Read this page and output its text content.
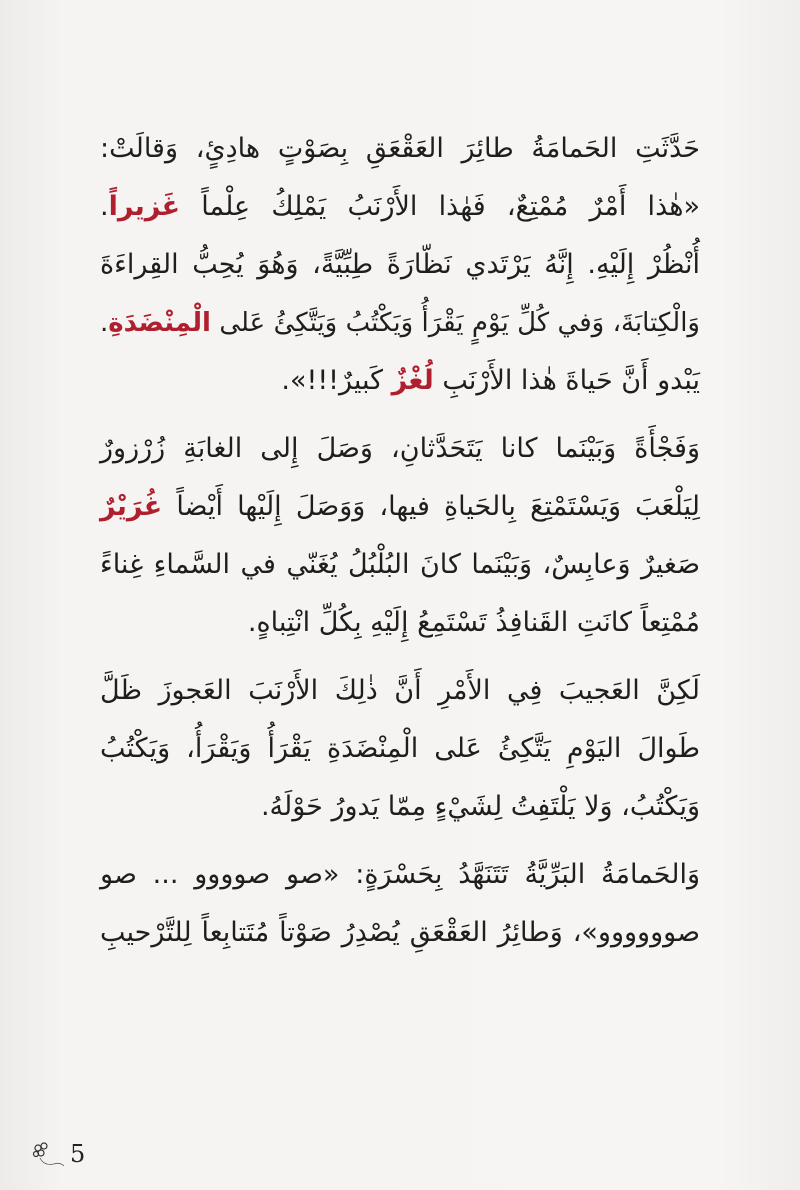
حَدَّثَتِ الحَمامَةُ طائِرَ العَقْعَقِ بِصَوْتٍ هادِئٍ، وَقالَتْ:
«هٰذا أَمْرٌ مُمْتِعٌ، فَهٰذا الأَرْنَبُ يَمْلِكُ عِلْماً غَزيراً.
أُنْظُرْ إِلَيْهِ. إِنَّهُ يَرْتَدي نَظّارَةً طِبِّيَّةً، وَهُوَ يُحِبُّ القِراءَةَ
وَالْكِتابَةَ، وَفي كُلِّ يَوْمٍ يَقْرَأُ وَيَكْتُبُ وَيَتَّكِئُ عَلى الْمِنْضَدَةِ.
يَبْدو أَنَّ حَياةَ هٰذا الأَرْنَبِ لُغْزٌ كَبيرٌ!!!».
وَفَجْأَةً وَبَيْنَما كانا يَتَحَدَّثانِ، وَصَلَ إِلى الغابَةِ زُرْزورٌ
لِيَلْعَبَ وَيَسْتَمْتِعَ بِالحَياةِ فيها، وَوَصَلَ إِلَيْها أَيْضاً غُرَيْرٌ
صَغيرٌ وَعابِسٌ، وَبَيْنَما كانَ البُلْبُلُ يُغَنّي في السَّماءِ غِناءً
مُمْتِعاً كانَتِ القَنافِذُ تَسْتَمِعُ إِلَيْهِ بِكُلِّ انْتِباهٍ.
لَكِنَّ العَجيبَ فِي الأَمْرِ أَنَّ ذٰلِكَ الأَرْنَبَ العَجوزَ ظَلَّ
طَوالَ اليَوْمِ يَتَّكِئُ عَلى الْمِنْضَدَةِ يَقْرَأُ وَيَقْرَأُ، وَيَكْتُبُ
وَيَكْتُبُ، وَلا يَلْتَفِتُ لِشَيْءٍ مِمّا يَدورُ حَوْلَهُ.
وَالحَمامَةُ البَرِّيَّةُ تَتَنَهَّدُ بِحَسْرَةٍ: «صو صوووو ... صو
صوووووو»، وَطائِرُ العَقْعَقِ يُصْدِرُ صَوْتاً مُتَتابِعاً لِلتَّرْحيبِ
5
